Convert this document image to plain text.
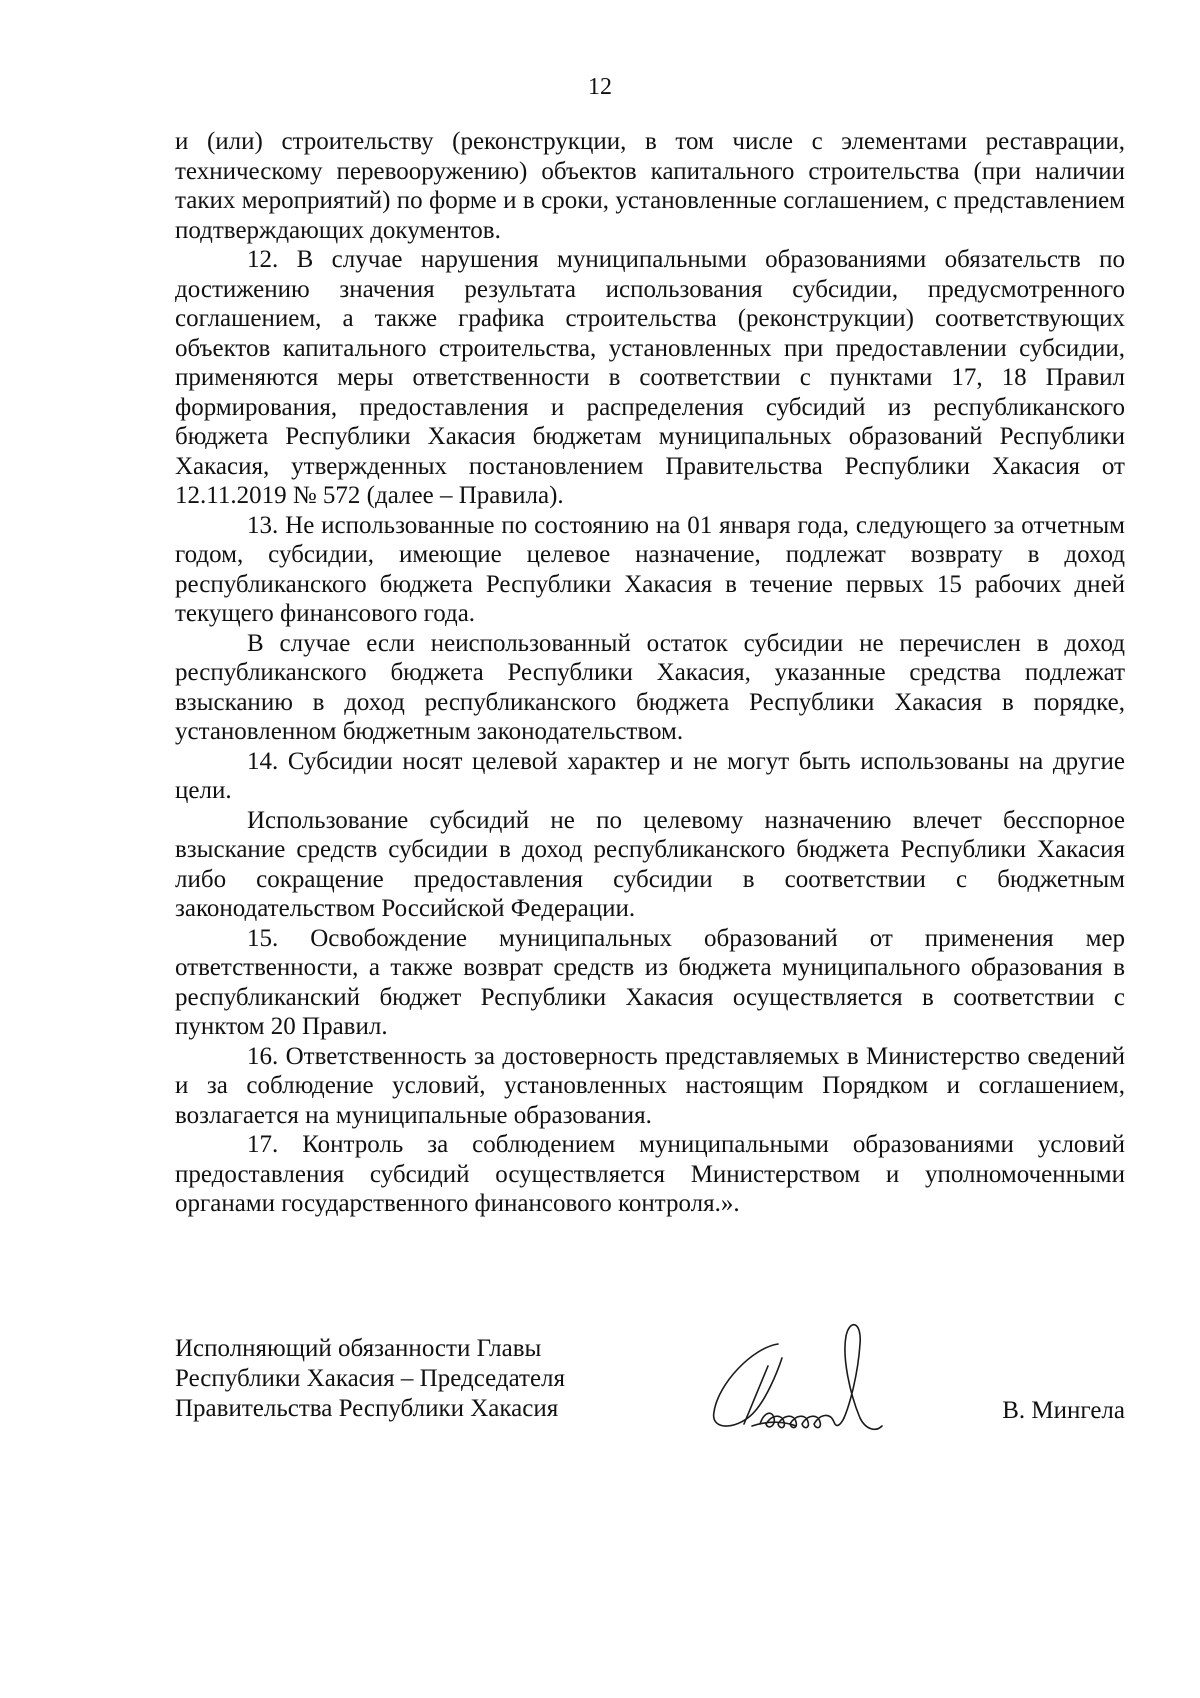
12

и (или) строительству (реконструкции, в том числе с элементами реставрации, техническому перевооружению) объектов капитального строительства (при наличии таких мероприятий) по форме и в сроки, установленные соглашением, с представлением подтверждающих документов.

12. В случае нарушения муниципальными образованиями обязательств по достижению значения результата использования субсидии, предусмотренного соглашением, а также графика строительства (реконструкции) соответствующих объектов капитального строительства, установленных при предоставлении субсидии, применяются меры ответственности в соответствии с пунктами 17, 18 Правил формирования, предоставления и распределения субсидий из республиканского бюджета Республики Хакасия бюджетам муниципальных образований Республики Хакасия, утвержденных постановлением Правительства Республики Хакасия от 12.11.2019 № 572 (далее – Правила).

13. Не использованные по состоянию на 01 января года, следующего за отчетным годом, субсидии, имеющие целевое назначение, подлежат возврату в доход республиканского бюджета Республики Хакасия в течение первых 15 рабочих дней текущего финансового года.

В случае если неиспользованный остаток субсидии не перечислен в доход республиканского бюджета Республики Хакасия, указанные средства подлежат взысканию в доход республиканского бюджета Республики Хакасия в порядке, установленном бюджетным законодательством.

14. Субсидии носят целевой характер и не могут быть использованы на другие цели.

Использование субсидий не по целевому назначению влечет бесспорное взыскание средств субсидии в доход республиканского бюджета Республики Хакасия либо сокращение предоставления субсидии в соответствии с бюджетным законодательством Российской Федерации.

15. Освобождение муниципальных образований от применения мер ответственности, а также возврат средств из бюджета муниципального образования в республиканский бюджет Республики Хакасия осуществляется в соответствии с пунктом 20 Правил.

16. Ответственность за достоверность представляемых в Министерство сведений и за соблюдение условий, установленных настоящим Порядком и соглашением, возлагается на муниципальные образования.

17. Контроль за соблюдением муниципальными образованиями условий предоставления субсидий осуществляется Министерством и уполномоченными органами государственного финансового контроля.».

Исполняющий обязанности Главы
Республики Хакасия – Председателя
Правительства Республики Хакасия	В. Мингела
